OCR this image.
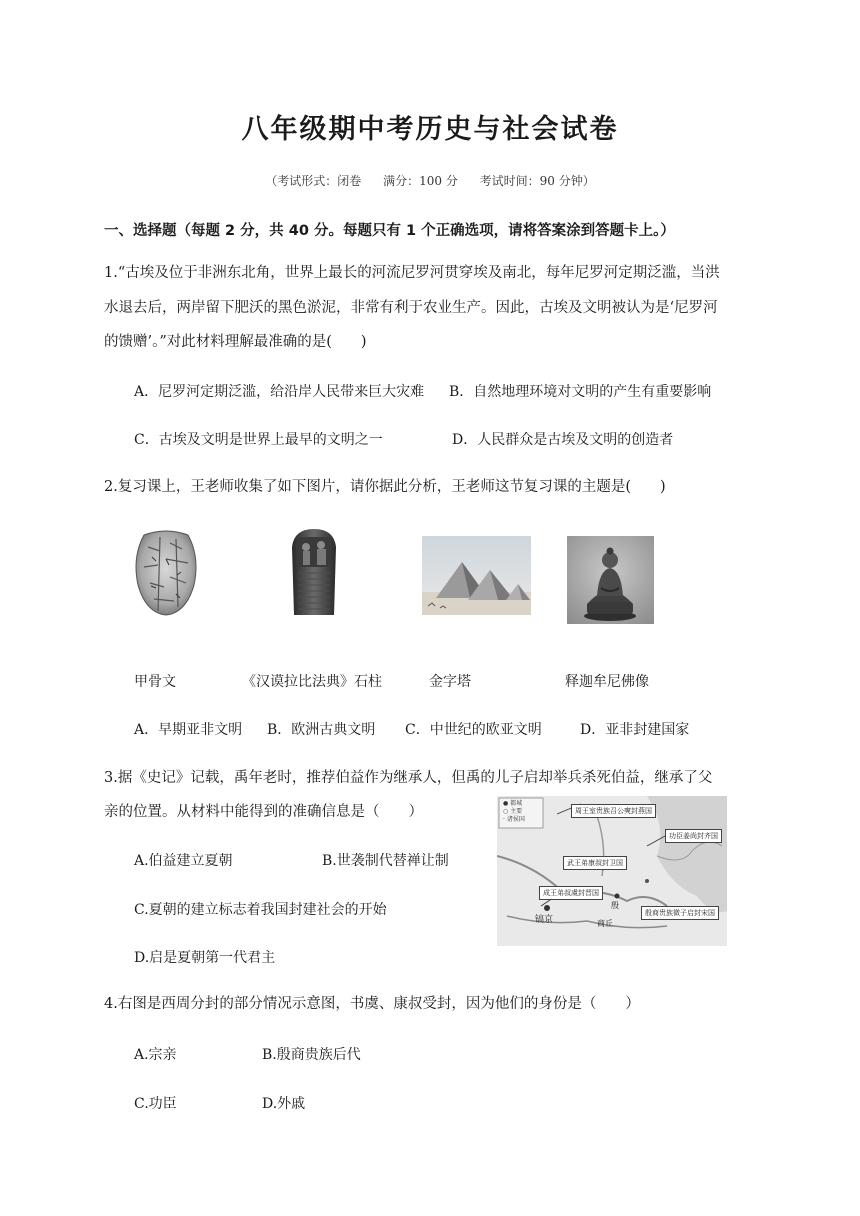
八年级期中考历史与社会试卷
（考试形式：闭卷 满分：100 分 考试时间：90 分钟）
一、选择题（每题 2 分，共 40 分。每题只有 1 个正确选项，请将答案涂到答题卡上。）
1.“古埃及位于非洲东北角，世界上最长的河流尼罗河贯穿埃及南北，每年尼罗河定期泛滥，当洪
水退去后，两岸留下肥沃的黑色淤泥，非常有利于农业生产。因此，古埃及文明被认为是‘尼罗河
的馈赠’。”对此材料理解最准确的是(　　)
A．尼罗河定期泛滥，给沿岸人民带来巨大灾难 B．自然地理环境对文明的产生有重要影响
C．古埃及文明是世界上最早的文明之一	D．人民群众是古埃及文明的创造者
2.复习课上，王老师收集了如下图片，请你据此分析，王老师这节复习课的主题是(　　)
甲骨文	《汉谟拉比法典》石柱	金字塔	释迦牟尼佛像
A．早期亚非文明 B．欧洲古典文明 C．中世纪的欧亚文明	D．亚非封建国家
3.据《史记》记载，禹年老时，推荐伯益作为继承人，但禹的儿子启却举兵杀死伯益，继承了父
亲的位置。从材料中能得到的准确信息是（　　）
A.伯益建立夏朝	B.世袭制代替禅让制
C.夏朝的建立标志着我国封建社会的开始
D.启是夏朝第一代君主
● 都城
○ 主要
· 诸侯国
周王室贵族召公奭封燕国
武王弟康叔封卫国
功臣姜尚封齐国
成王弟叔虞封晋国
殷商贵族微子启封宋国
镐京
殷
商丘
4.右图是西周分封的部分情况示意图，书虞、康叔受封，因为他们的身份是（　　）
A.宗亲	B.殷商贵族后代
C.功臣	D.外戚
